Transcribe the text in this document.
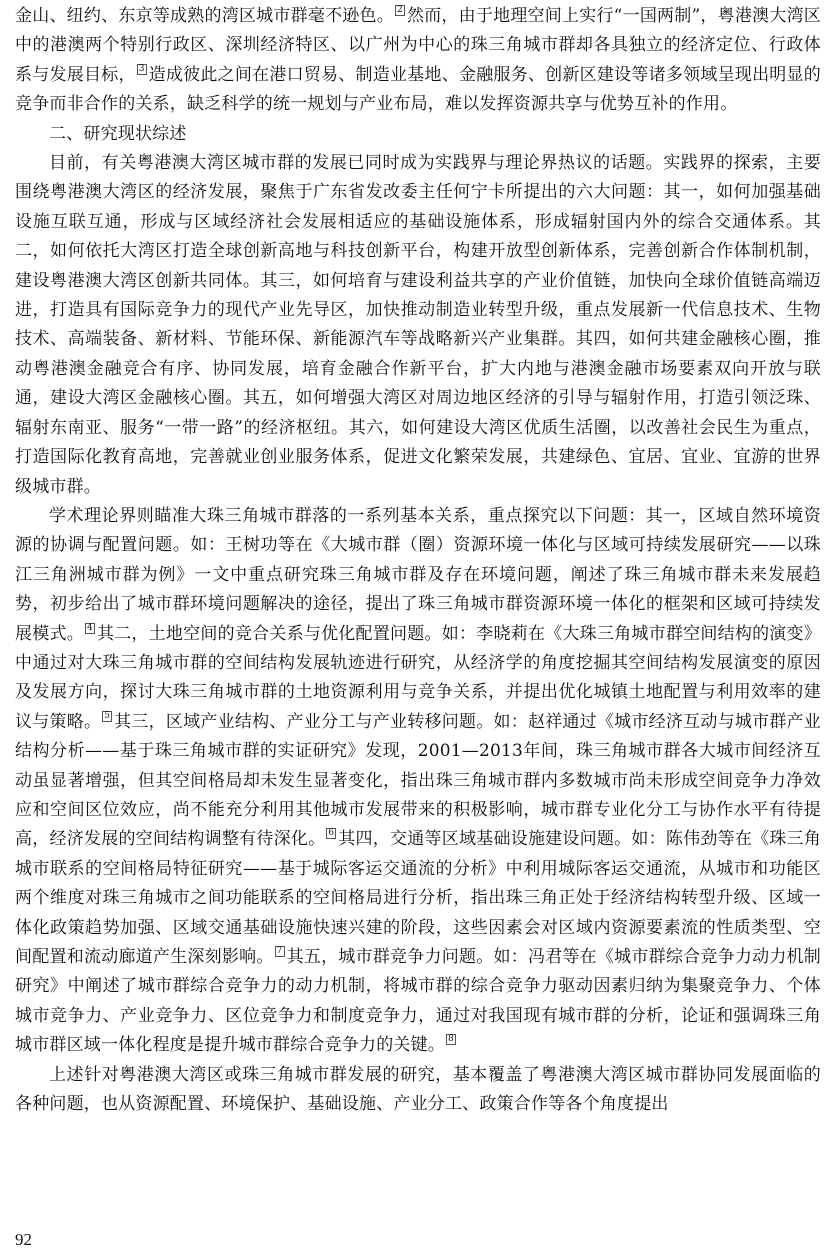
金山、纽约、东京等成熟的湾区城市群毫不逊色。 2 然而，由于地理空间上实行“一国两制”，粤港澳大湾区中的港澳两个特别行政区、深圳经济特区、以广州为中心的珠三角城市群却各具独立的经济定位、行政体系与发展目标， 3 造成彼此之间在港口贸易、制造业基地、金融服务、创新区建设等诸多领域呈现出明显的竞争而非合作的关系，缺乏科学的统一规划与产业布局，难以发挥资源共享与优势互补的作用。

二、研究现状综述

目前，有关粤港澳大湾区城市群的发展已同时成为实践界与理论界热议的话题。实践界的探索，主要围绕粤港澳大湾区的经济发展，聚焦于广东省发改委主任何宁卡所提出的六大问题：其一，如何加强基础设施互联互通，形成与区域经济社会发展相适应的基础设施体系，形成辐射国内外的综合交通体系。其二，如何依托大湾区打造全球创新高地与科技创新平台，构建开放型创新体系，完善创新合作体制机制，建设粤港澳大湾区创新共同体。其三，如何培育与建设利益共享的产业价值链，加快向全球价值链高端迈进，打造具有国际竞争力的现代产业先导区，加快推动制造业转型升级，重点发展新一代信息技术、生物技术、高端装备、新材料、节能环保、新能源汽车等战略新兴产业集群。其四，如何共建金融核心圈，推动粤港澳金融竞合有序、协同发展，培育金融合作新平台，扩大内地与港澳金融市场要素双向开放与联通，建设大湾区金融核心圈。其五，如何增强大湾区对周边地区经济的引导与辐射作用，打造引领泛珠、辐射东南亚、服务“一带一路”的经济枢纽。其六，如何建设大湾区优质生活圈，以改善社会民生为重点，打造国际化教育高地，完善就业创业服务体系，促进文化繁荣发展，共建绿色、宜居、宜业、宜游的世界级城市群。

学术理论界则瞄准大珠三角城市群落的一系列基本关系，重点探究以下问题：其一，区域自然环境资源的协调与配置问题。如：王树功等在《大城市群（圈）资源环境一体化与区域可持续发展研究——以珠江三角洲城市群为例》一文中重点研究珠三角城市群及存在环境问题，阐述了珠三角城市群未来发展趋势，初步给出了城市群环境问题解决的途径，提出了珠三角城市群资源环境一体化的框架和区域可持续发展模式。 4 其二，土地空间的竞合关系与优化配置问题。如：李晓莉在《大珠三角城市群空间结构的演变》中通过对大珠三角城市群的空间结构发展轨迹进行研究，从经济学的角度挖掘其空间结构发展演变的原因及发展方向，探讨大珠三角城市群的土地资源利用与竞争关系，并提出优化城镇土地配置与利用效率的建议与策略。 5 其三，区域产业结构、产业分工与产业转移问题。如：赵祥通过《城市经济互动与城市群产业结构分析——基于珠三角城市群的实证研究》发现，2001—2013年间，珠三角城市群各大城市间经济互动虽显著增强，但其空间格局却未发生显著变化，指出珠三角城市群内多数城市尚未形成空间竞争力净效应和空间区位效应，尚不能充分利用其他城市发展带来的积极影响，城市群专业化分工与协作水平有待提高，经济发展的空间结构调整有待深化。 6 其四，交通等区域基础设施建设问题。如：陈伟劲等在《珠三角城市联系的空间格局特征研究——基于城际客运交通流的分析》中利用城际客运交通流，从城市和功能区两个维度对珠三角城市之间功能联系的空间格局进行分析，指出珠三角正处于经济结构转型升级、区域一体化政策趋势加强、区域交通基础设施快速兴建的阶段，这些因素会对区域内资源要素流的性质类型、空间配置和流动廊道产生深刻影响。 7 其五，城市群竞争力问题。如：冯君等在《城市群综合竞争力动力机制研究》中阐述了城市群综合竞争力的动力机制，将城市群的综合竞争力驱动因素归纳为集聚竞争力、个体城市竞争力、产业竞争力、区位竞争力和制度竞争力，通过对我国现有城市群的分析，论证和强调珠三角城市群区域一体化程度是提升城市群综合竞争力的关键。 8

上述针对粤港澳大湾区或珠三角城市群发展的研究，基本覆盖了粤港澳大湾区城市群协同发展面临的各种问题，也从资源配置、环境保护、基础设施、产业分工、政策合作等各个角度提出

92
